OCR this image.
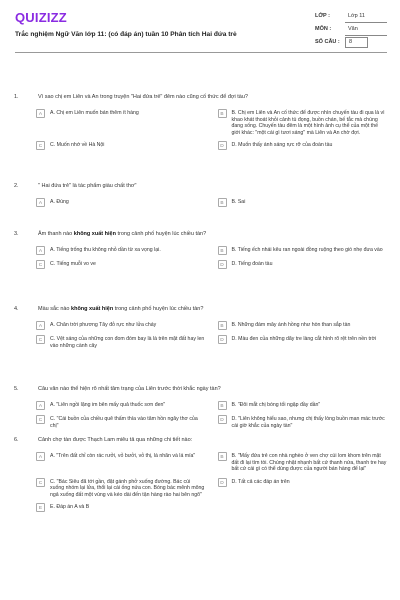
QUIZIZZ
Trắc nghiệm Ngữ Văn lớp 11: (có đáp án) tuần 10 Phân tích Hai đứa trẻ
LỚP :	Lớp 11
MÔN :	Văn
SỐ CÂU :	8
1.	Vì sao chị em Liên và An trong truyện "Hai đứa trẻ" đêm nào cũng cố thức để đợi tàu?
A	A. Chị em Liên muốn bán thêm ít hàng	B	B. Chị em Liên và An cố thức để được nhìn chuyến tàu đi qua là vì khao khát thoát khỏi cảnh tù đọng, buồn chán, bế tắc mà chúng đang sống. Chuyến tàu đêm là một hình ảnh cụ thể của một thế giới khác: "một cái gì tươi sáng" mà Liên và An chờ đợi.
C	C. Muốn nhớ về Hà Nội	D	D. Muốn thấy ánh sáng rực rỡ của đoàn tàu
2.	" Hai đứa trẻ" là tác phẩm giàu chất thơ"
A	A. Đúng	B	B. Sai
3.	Âm thanh nào không xuất hiện trong cảnh phố huyện lúc chiều tàn?
A	A. Tiếng trống thu không nhỏ dần từ xa vọng lại.	B	B. Tiếng ếch nhái kêu ran ngoài đồng ruộng theo gió nhẹ đưa vào
C	C. Tiếng muỗi vo ve	D	D. Tiếng đoàn tàu
4.	Màu sắc nào không xuất hiện trong cảnh phố huyện lúc chiều tàn?
A	A. Chân trời phương Tây đỏ rực như lửa cháy	B	B. Những đám mây ánh hồng như hòn than sắp tàn
C	C. Vệt sáng của những con đom đóm bay là là trên mặt đất hay len vào những cành cây
D	D. Màu đen của những dãy tre làng cắt hình rõ rệt trên nền trời
5.	Câu văn nào thể hiện rõ nhất tâm trạng của Liên trước thời khắc ngày tàn?
A	A. "Liên ngồi lặng im bên mấy quả thuốc sơn đen"	B	B. "Đôi mắt chị bóng tối ngập đầy dần"
C	C. "Cái buồn của chiều quê thấm thía vào tâm hồn ngây thơ của chị"
D	D. "Liên không hiểu sao, nhưng chị thấy lòng buồn man mác trước cái giờ khắc của ngày tàn"
6.	Cảnh chợ tàn được Thạch Lam miêu tả qua những chi tiết nào:
A	A. "Trên đất chỉ còn rác rưởi, vỏ bưởi, vỏ thị, lá nhãn và lá mía"	B	B. "Mấy đứa trẻ con nhà nghèo ở ven chợ cúi lom khom trên mặt đất đi lại tìm tòi. Chúng nhặt nhạnh bất cứ thanh nứa, thanh tre hay bất cứ cái gì có thể dùng được của người bán hàng để lại"
C	C. "Bác Siêu đã tới gần, đặt gánh phở xuống đường. Bác cúi xuống nhóm lại lửa, thổi lại cái ống nứa con. Bóng bác mênh mông ngả xuống đất một vùng và kéo dài đến tận hàng rào hai bên ngõ"
D	D. Tất cả các đáp án trên
E	E. Đáp án A và B
